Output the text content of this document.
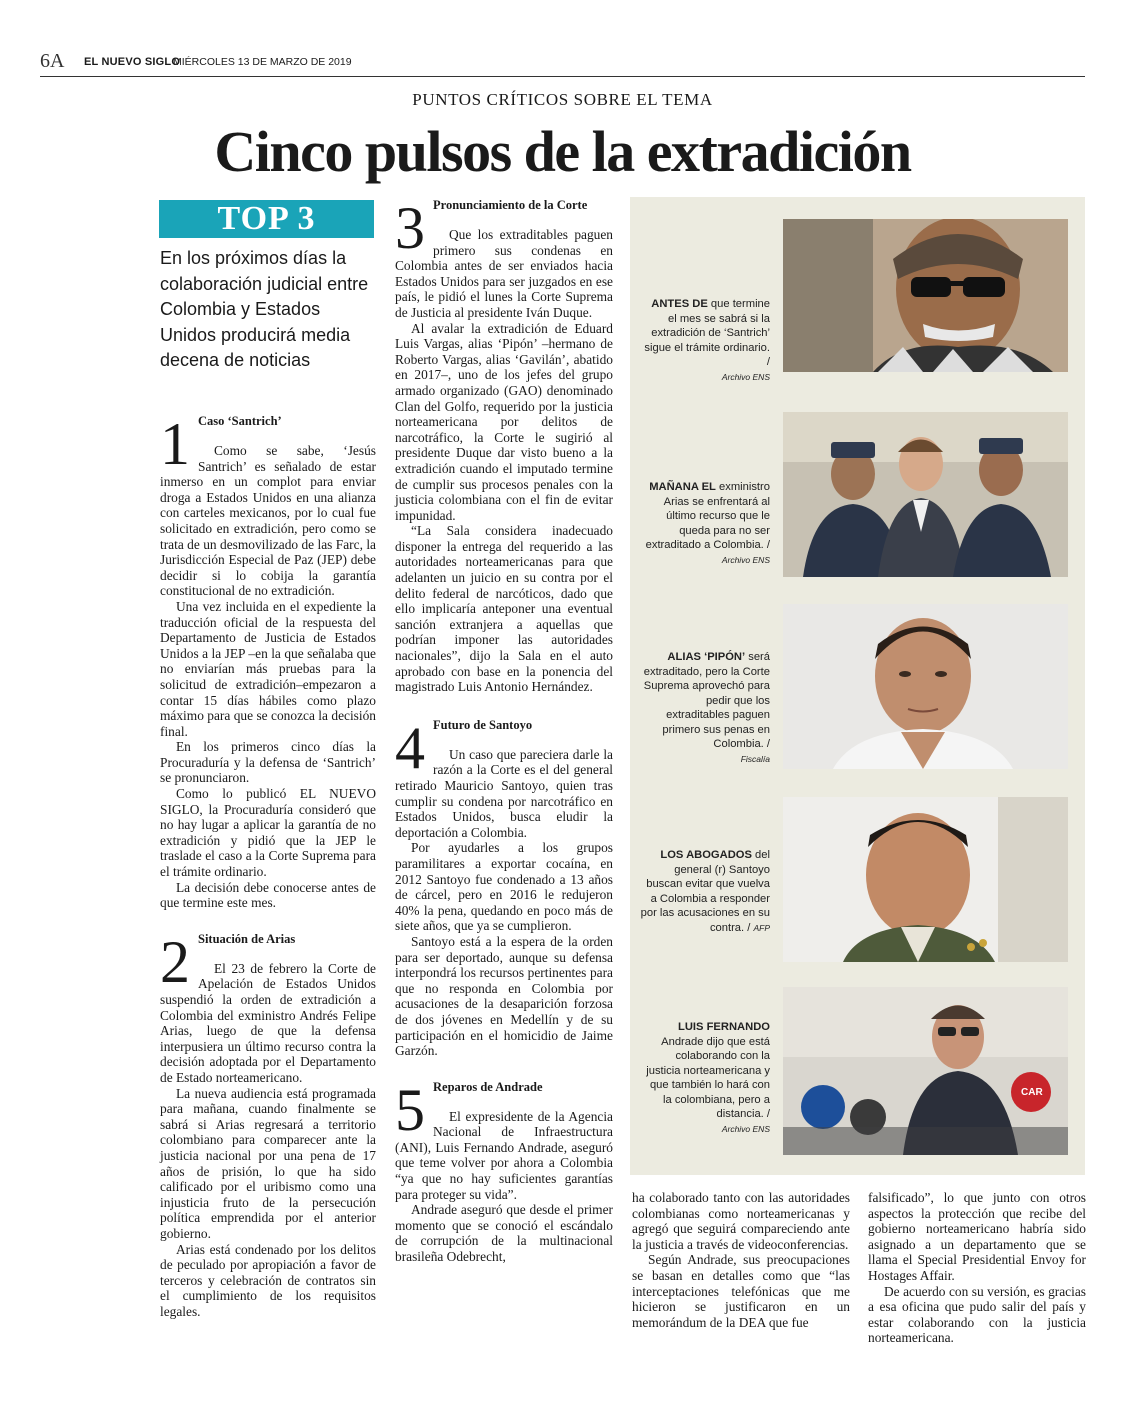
6A EL NUEVO SIGLO
MIÉRCOLES 13 DE MARZO DE 2019
PUNTOS CRÍTICOS SOBRE EL TEMA
Cinco pulsos de la extradición
TOP 3
En los próximos días la colaboración judicial entre Colombia y Estados Unidos producirá media decena de noticias
1 Caso ‘Santrich’

Como se sabe, ‘Jesús Santrich’ es señalado de estar inmerso en un complot para enviar droga a Estados Unidos en una alianza con carteles mexicanos, por lo cual fue solicitado en extradición, pero como se trata de un desmovilizado de las Farc, la Jurisdicción Especial de Paz (JEP) debe decidir si lo cobija la garantía constitucional de no extradición.

Una vez incluida en el expediente la traducción oficial de la respuesta del Departamento de Justicia de Estados Unidos a la JEP –en la que señalaba que no enviarían más pruebas para la solicitud de extradición–empezaron a contar 15 días hábiles como plazo máximo para que se conozca la decisión final.

En los primeros cinco días la Procuraduría y la defensa de ‘Santrich’ se pronunciaron.

Como lo publicó EL NUEVO SIGLO, la Procuraduría consideró que no hay lugar a aplicar la garantía de no extradición y pidió que la JEP le traslade el caso a la Corte Suprema para el trámite ordinario.

La decisión debe conocerse antes de que termine este mes.

2 Situación de Arias

El 23 de febrero la Corte de Apelación de Estados Unidos suspendió la orden de extradición a Colombia del exministro Andrés Felipe Arias, luego de que la defensa interpusiera un último recurso contra la decisión adoptada por el Departamento de Estado norteamericano.

La nueva audiencia está programada para mañana, cuando finalmente se sabrá si Arias regresará a territorio colombiano para comparecer ante la justicia nacional por una pena de 17 años de prisión, lo que ha sido calificado por el uribismo como una injusticia fruto de la persecución política emprendida por el anterior gobierno.

Arias está condenado por los delitos de peculado por apropiación a favor de terceros y celebración de contratos sin el cumplimiento de los requisitos legales.

3 Pronunciamiento de la Corte

Que los extraditables paguen primero sus condenas en Colombia antes de ser enviados hacia Estados Unidos para ser juzgados en ese país, le pidió el lunes la Corte Suprema de Justicia al presidente Iván Duque.

Al avalar la extradición de Eduard Luis Vargas, alias ‘Pipón’ –hermano de Roberto Vargas, alias ‘Gavilán’, abatido en 2017–, uno de los jefes del grupo armado organizado (GAO) denominado Clan del Golfo, requerido por la justicia norteamericana por delitos de narcotráfico, la Corte le sugirió al presidente Duque dar visto bueno a la extradición cuando el imputado termine de cumplir sus procesos penales con la justicia colombiana con el fin de evitar impunidad.

“La Sala considera inadecuado disponer la entrega del requerido a las autoridades norteamericanas para que adelanten un juicio en su contra por el delito federal de narcóticos, dado que ello implicaría anteponer una eventual sanción extranjera a aquellas que podrían imponer las autoridades nacionales”, dijo la Sala en el auto aprobado con base en la ponencia del magistrado Luis Antonio Hernández.

4 Futuro de Santoyo

Un caso que pareciera darle la razón a la Corte es el del general retirado Mauricio Santoyo, quien tras cumplir su condena por narcotráfico en Estados Unidos, busca eludir la deportación a Colombia.

Por ayudarles a los grupos paramilitares a exportar cocaína, en 2012 Santoyo fue condenado a 13 años de cárcel, pero en 2016 le redujeron 40% la pena, quedando en poco más de siete años, que ya se cumplieron.

Santoyo está a la espera de la orden para ser deportado, aunque su defensa interpondrá los recursos pertinentes para que no responda en Colombia por acusaciones de la desaparición forzosa de dos jóvenes en Medellín y de su participación en el homicidio de Jaime Garzón.

5 Reparos de Andrade

El expresidente de la Agencia Nacional de Infraestructura (ANI), Luis Fernando Andrade, aseguró que teme volver por ahora a Colombia “ya que no hay suficientes garantías para proteger su vida”.

Andrade aseguró que desde el primer momento que se conoció el escándalo de corrupción de la multinacional brasileña Odebrecht,

ANTES DE que termine el mes se sabrá si la extradición de ‘Santrich’ sigue el trámite ordinario. /
Archivo ENS
MAÑANA EL exministro Arias se enfrentará al último recurso que le queda para no ser extraditado a Colombia. / Archivo ENS
ALIAS ‘PIPÓN’ será extraditado, pero la Corte Suprema aprovechó para pedir que los extraditables paguen primero sus penas en Colombia. /
Fiscalía
LOS ABOGADOS del general (r) Santoyo buscan evitar que vuelva a Colombia a responder por las acusaciones en su contra. / AFP
CAR
LUIS FERNANDO Andrade dijo que está colaborando con la justicia norteamericana y que también lo hará con la colombiana, pero a distancia. /
Archivo ENS

ha colaborado tanto con las autoridades colombianas como norteamericanas y agregó que seguirá compareciendo ante la justicia a través de videoconferencias.

Según Andrade, sus preocupaciones se basan en detalles como que “las interceptaciones telefónicas que me hicieron se justificaron en un memorándum de la DEA que fue

falsificado”, lo que junto con otros aspectos la protección que recibe del gobierno norteamericano habría sido asignado a un departamento que se llama el Special Presidential Envoy for Hostages Affair.

De acuerdo con su versión, es gracias a esa oficina que pudo salir del país y estar colaborando con la justicia norteamericana.
